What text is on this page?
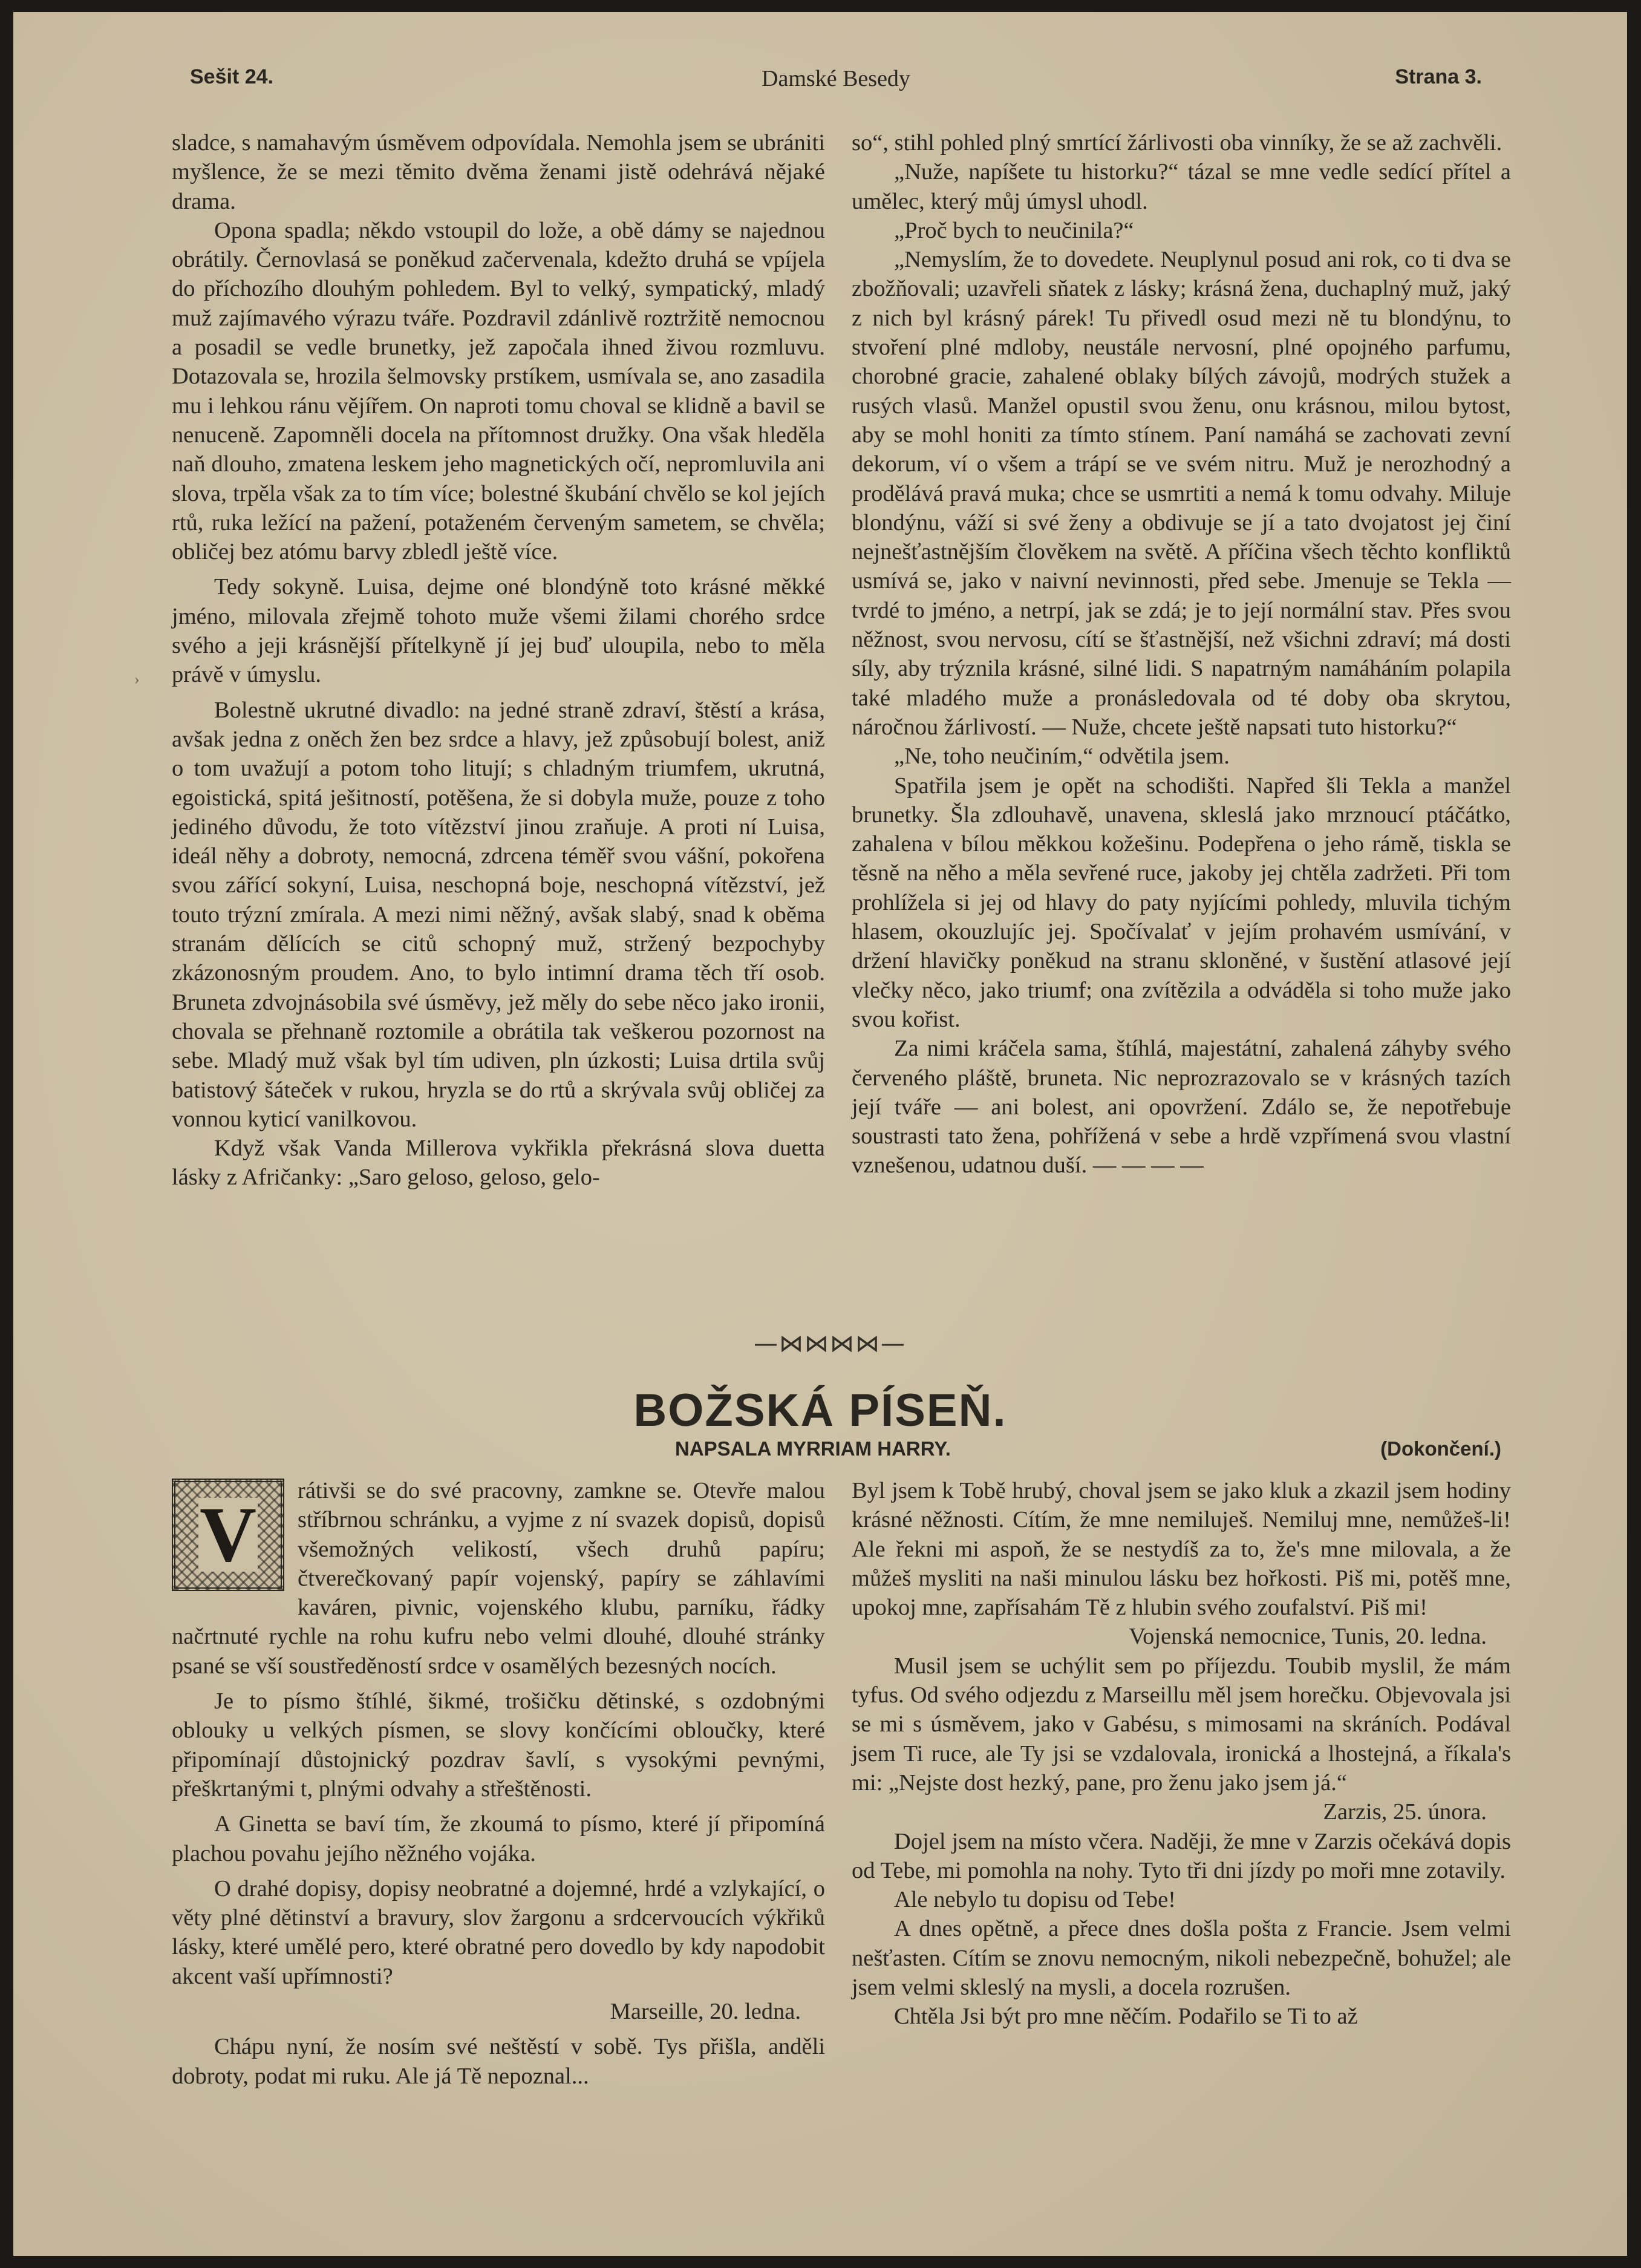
Sešit 24.	Damské Besedy	Strana 3.
›

sladce, s namahavým úsměvem odpovídala. Nemohla jsem se ubrániti myšlence, že se mezi těmito dvěma ženami jistě odehrává nějaké drama.

Opona spadla; někdo vstoupil do lože, a obě dámy se najednou obrátily. Černovlasá se poněkud začervenala, kdežto druhá se vpíjela do příchozího dlouhým pohledem. Byl to velký, sympatický, mladý muž zajímavého výrazu tváře. Pozdravil zdánlivě roztržitě nemocnou a posadil se vedle brunetky, jež započala ihned živou rozmluvu. Dotazovala se, hrozila šelmovsky prstíkem, usmívala se, ano zasadila mu i lehkou ránu vějířem. On naproti tomu choval se klidně a bavil se nenuceně. Zapomněli docela na přítomnost družky. Ona však hleděla naň dlouho, zmatena leskem jeho magnetických očí, nepromluvila ani slova, trpěla však za to tím více; bolestné škubání chvělo se kol jejích rtů, ruka ležící na pažení, potaženém červeným sametem, se chvěla; obličej bez atómu barvy zbledl ještě více.

Tedy sokyně. Luisa, dejme oné blondýně toto krásné měkké jméno, milovala zřejmě tohoto muže všemi žilami chorého srdce svého a jeji krásnější přítelkyně jí jej buď uloupila, nebo to měla právě v úmyslu.

Bolestně ukrutné divadlo: na jedné straně zdraví, štěstí a krása, avšak jedna z oněch žen bez srdce a hlavy, jež způsobují bolest, aniž o tom uvažují a potom toho litují; s chladným triumfem, ukrutná, egoistická, spitá ješitností, potěšena, že si dobyla muže, pouze z toho jediného důvodu, že toto vítězství jinou zraňuje. A proti ní Luisa, ideál něhy a dobroty, nemocná, zdrcena téměř svou vášní, pokořena svou zářící sokyní, Luisa, neschopná boje, neschopná vítězství, jež touto trýzní zmírala. A mezi nimi něžný, avšak slabý, snad k oběma stranám dělících se citů schopný muž, stržený bezpochyby zkázonosným proudem. Ano, to bylo intimní drama těch tří osob. Bruneta zdvojnásobila své úsměvy, jež měly do sebe něco jako ironii, chovala se přehnaně roztomile a obrátila tak veškerou pozornost na sebe. Mladý muž však byl tím udiven, pln úzkosti; Luisa drtila svůj batistový šáteček v rukou, hryzla se do rtů a skrývala svůj obličej za vonnou kyticí vanilkovou.

Když však Vanda Millerova vykřikla překrásná slova duetta lásky z Afričanky: „Saro geloso, geloso, gelo-

so“, stihl pohled plný smrtící žárlivosti oba vinníky, že se až zachvěli.

„Nuže, napíšete tu historku?“ tázal se mne vedle sedící přítel a umělec, který můj úmysl uhodl.

„Proč bych to neučinila?“

„Nemyslím, že to dovedete. Neuplynul posud ani rok, co ti dva se zbožňovali; uzavřeli sňatek z lásky; krásná žena, duchaplný muž, jaký z nich byl krásný párek! Tu přivedl osud mezi ně tu blondýnu, to stvoření plné mdloby, neustále nervosní, plné opojného parfumu, chorobné gracie, zahalené oblaky bílých závojů, modrých stužek a rusých vlasů. Manžel opustil svou ženu, onu krásnou, milou bytost, aby se mohl honiti za tímto stínem. Paní namáhá se zachovati zevní dekorum, ví o všem a trápí se ve svém nitru. Muž je nerozhodný a prodělává pravá muka; chce se usmrtiti a nemá k tomu odvahy. Miluje blondýnu, váží si své ženy a obdivuje se jí a tato dvojatost jej činí nejnešťastnějším člověkem na světě. A příčina všech těchto konfliktů usmívá se, jako v naivní nevinnosti, před sebe. Jmenuje se Tekla — tvrdé to jméno, a netrpí, jak se zdá; je to její normální stav. Přes svou něžnost, svou nervosu, cítí se šťastnější, než všichni zdraví; má dosti síly, aby trýznila krásné, silné lidi. S napatrným namáháním polapila také mladého muže a pronásledovala od té doby oba skrytou, náročnou žárlivostí. — Nuže, chcete ještě napsati tuto historku?“

„Ne, toho neučiním,“ odvětila jsem.

Spatřila jsem je opět na schodišti. Napřed šli Tekla a manžel brunetky. Šla zdlouhavě, unavena, skleslá jako mrznoucí ptáčátko, zahalena v bílou měkkou kožešinu. Podepřena o jeho rámě, tiskla se těsně na něho a měla sevřené ruce, jakoby jej chtěla zadržeti. Při tom prohlížela si jej od hlavy do paty nyjícími pohledy, mluvila tichým hlasem, okouzlujíc jej. Spočívalať v jejím prohavém usmívání, v držení hlavičky poněkud na stranu skloněné, v šustění atlasové její vlečky něco, jako triumf; ona zvítězila a odváděla si toho muže jako svou kořist.

Za nimi kráčela sama, štíhlá, majestátní, zahalená záhyby svého červeného pláště, bruneta. Nic neprozrazovalo se v krásných tazích její tváře — ani bolest, ani opovržení. Zdálo se, že nepotřebuje soustrasti tato žena, pohřížená v sebe a hrdě vzpřímená svou vlastní vznešenou, udatnou duší. — — — —

—⋈⋈⋈⋈—
BOŽSKÁ PÍSEŇ.
NAPSALA MYRRIAM HARRY.	(Dokončení.)
V

rátivši se do své pracovny, zamkne se. Otevře malou stříbrnou schránku, a vyjme z ní svazek dopisů, dopisů všemožných velikostí, všech druhů papíru; čtverečkovaný papír vojenský, papíry se záhlavími kaváren, pivnic, vojenského klubu, parníku, řádky načrtnuté rychle na rohu kufru nebo velmi dlouhé, dlouhé stránky psané se vší soustředěností srdce v osamělých bezesných nocích.

Je to písmo štíhlé, šikmé, trošičku dětinské, s ozdobnými oblouky u velkých písmen, se slovy končícími obloučky, které připomínají důstojnický pozdrav šavlí, s vysokými pevnými, přeškrtanými t, plnými odvahy a střeštěnosti.

A Ginetta se baví tím, že zkoumá to písmo, které jí připomíná plachou povahu jejího něžného vojáka.

O drahé dopisy, dopisy neobratné a dojemné, hrdé a vzlykající, o věty plné dětinství a bravury, slov žargonu a srdcervoucích výkřiků lásky, které umělé pero, které obratné pero dovedlo by kdy napodobit akcent vaší upřímnosti?

Marseille, 20. ledna.

Chápu nyní, že nosím své neštěstí v sobě. Tys přišla, anděli dobroty, podat mi ruku. Ale já Tě nepoznal...

Byl jsem k Tobě hrubý, choval jsem se jako kluk a zkazil jsem hodiny krásné něžnosti. Cítím, že mne nemiluješ. Nemiluj mne, nemůžeš-li! Ale řekni mi aspoň, že se nestydíš za to, že's mne milovala, a že můžeš mysliti na naši minulou lásku bez hořkosti. Piš mi, potěš mne, upokoj mne, zapřísahám Tě z hlubin svého zoufalství. Piš mi!

Vojenská nemocnice, Tunis, 20. ledna.

Musil jsem se uchýlit sem po příjezdu. Toubib myslil, že mám tyfus. Od svého odjezdu z Marseillu měl jsem horečku. Objevovala jsi se mi s úsměvem, jako v Gabésu, s mimosami na skráních. Podával jsem Ti ruce, ale Ty jsi se vzdalovala, ironická a lhostejná, a říkala's mi: „Nejste dost hezký, pane, pro ženu jako jsem já.“

Zarzis, 25. února.

Dojel jsem na místo včera. Naději, že mne v Zarzis očekává dopis od Tebe, mi pomohla na nohy. Tyto tři dni jízdy po moři mne zotavily.

Ale nebylo tu dopisu od Tebe!

A dnes opětně, a přece dnes došla pošta z Francie. Jsem velmi nešťasten. Cítím se znovu nemocným, nikoli nebezpečně, bohužel; ale jsem velmi skleslý na mysli, a docela rozrušen.

Chtěla Jsi být pro mne něčím. Podařilo se Ti to až
